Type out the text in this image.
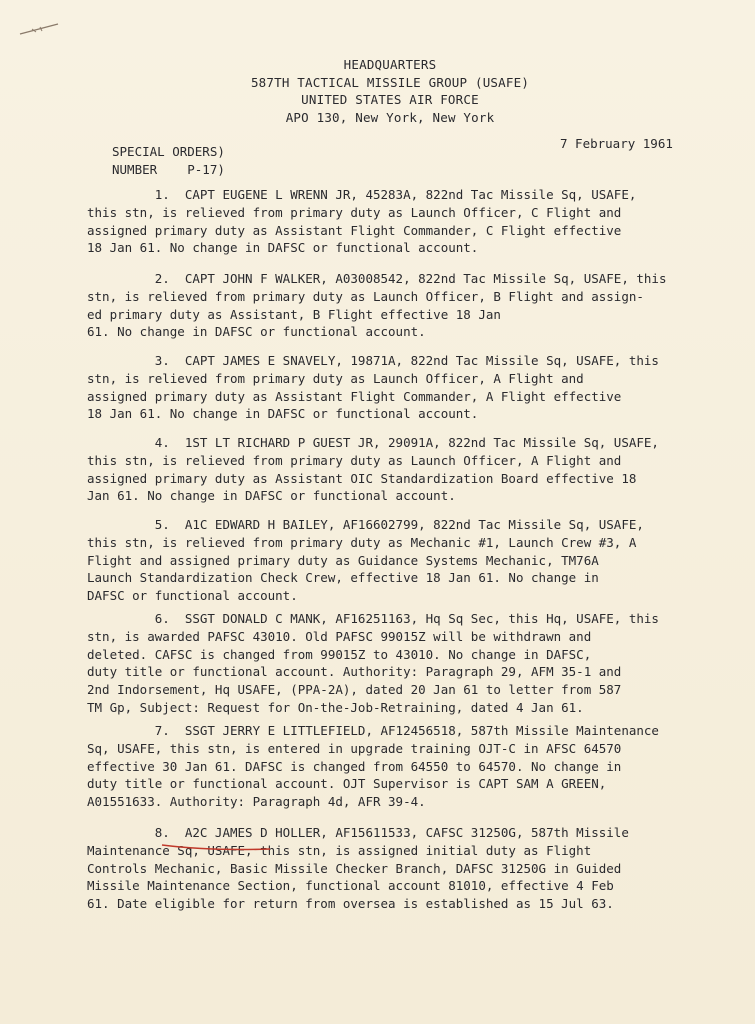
HEADQUARTERS
587TH TACTICAL MISSILE GROUP (USAFE)
UNITED STATES AIR FORCE
APO 130, New York, New York
SPECIAL ORDERS)
NUMBER    P-17)
7 February 1961
1.  CAPT EUGENE L WRENN JR, 45283A, 822nd Tac Missile Sq, USAFE,
this stn, is relieved from primary duty as Launch Officer, C Flight and
assigned primary duty as Assistant Flight Commander, C Flight effective
18 Jan 61. No change in DAFSC or functional account.
2.  CAPT JOHN F WALKER, A03008542, 822nd Tac Missile Sq, USAFE, this
stn, is relieved from primary duty as Launch Officer, B Flight and assign-
ed primary duty as Assistant, B Flight effective 18 Jan
61. No change in DAFSC or functional account.
3.  CAPT JAMES E SNAVELY, 19871A, 822nd Tac Missile Sq, USAFE, this
stn, is relieved from primary duty as Launch Officer, A Flight and
assigned primary duty as Assistant Flight Commander, A Flight effective
18 Jan 61. No change in DAFSC or functional account.
4.  1ST LT RICHARD P GUEST JR, 29091A, 822nd Tac Missile Sq, USAFE,
this stn, is relieved from primary duty as Launch Officer, A Flight and
assigned primary duty as Assistant OIC Standardization Board effective 18
Jan 61. No change in DAFSC or functional account.
5.  A1C EDWARD H BAILEY, AF16602799, 822nd Tac Missile Sq, USAFE,
this stn, is relieved from primary duty as Mechanic #1, Launch Crew #3, A
Flight and assigned primary duty as Guidance Systems Mechanic, TM76A
Launch Standardization Check Crew, effective 18 Jan 61. No change in
DAFSC or functional account.
6.  SSGT DONALD C MANK, AF16251163, Hq Sq Sec, this Hq, USAFE, this
stn, is awarded PAFSC 43010. Old PAFSC 99015Z will be withdrawn and
deleted. CAFSC is changed from 99015Z to 43010. No change in DAFSC,
duty title or functional account. Authority: Paragraph 29, AFM 35-1 and
2nd Indorsement, Hq USAFE, (PPA-2A), dated 20 Jan 61 to letter from 587
TM Gp, Subject: Request for On-the-Job-Retraining, dated 4 Jan 61.
7.  SSGT JERRY E LITTLEFIELD, AF12456518, 587th Missile Maintenance
Sq, USAFE, this stn, is entered in upgrade training OJT-C in AFSC 64570
effective 30 Jan 61. DAFSC is changed from 64550 to 64570. No change in
duty title or functional account. OJT Supervisor is CAPT SAM A GREEN,
A01551633. Authority: Paragraph 4d, AFR 39-4.
8.  A2C JAMES D HOLLER, AF15611533, CAFSC 31250G, 587th Missile
Maintenance Sq, USAFE, this stn, is assigned initial duty as Flight
Controls Mechanic, Basic Missile Checker Branch, DAFSC 31250G in Guided
Missile Maintenance Section, functional account 81010, effective 4 Feb
61. Date eligible for return from oversea is established as 15 Jul 63.
